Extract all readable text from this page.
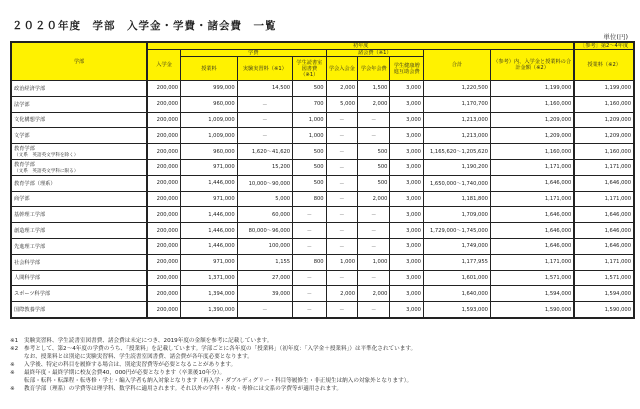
２０２０年度　学部　入学金・学費・諸会費　一覧
単位(円)
学部	初年度									［参考］第2～4年度
	入学金	学費			諸会費（※1）			合計	（参考）内、入学金と授業料の合計金額（※2）	授業料（※2）
		授業料	実験実習料（※1）	学生読書室図書費（※1）	学会入会金	学会年会費	学生健康増進互助会費			
政治経済学部	200,000	999,000	14,500	500	2,000	1,500	3,000	1,220,500	1,199,000	1,199,000
法学部	200,000	960,000	－	700	5,000	2,000	3,000	1,170,700	1,160,000	1,160,000
文化構想学部	200,000	1,009,000	－	1,000	－	－	3,000	1,213,000	1,209,000	1,209,000
文学部	200,000	1,009,000	－	1,000	－	－	3,000	1,213,000	1,209,000	1,209,000
教育学部
（文系　英語英文学科を除く）	200,000	960,000	1,620～41,620	500	－	500	3,000	1,165,620～1,205,620	1,160,000	1,160,000
教育学部
（文系　英語英文学科に限る）	200,000	971,000	15,200	500	－	500	3,000	1,190,200	1,171,000	1,171,000
教育学部（理系）	200,000	1,446,000	10,000～90,000	500	－	500	3,000	1,650,000～1,740,000	1,646,000	1,646,000
商学部	200,000	971,000	5,000	800	－	2,000	3,000	1,181,800	1,171,000	1,171,000
基幹理工学部	200,000	1,446,000	60,000	－	－	－	3,000	1,709,000	1,646,000	1,646,000
創造理工学部	200,000	1,446,000	80,000～96,000	－	－	－	3,000	1,729,000～1,745,000	1,646,000	1,646,000
先進理工学部	200,000	1,446,000	100,000	－	－	－	3,000	1,749,000	1,646,000	1,646,000
社会科学部	200,000	971,000	1,155	800	1,000	1,000	3,000	1,177,955	1,171,000	1,171,000
人間科学部	200,000	1,371,000	27,000	－	－	－	3,000	1,601,000	1,571,000	1,571,000
スポーツ科学部	200,000	1,394,000	39,000	－	2,000	2,000	3,000	1,640,000	1,594,000	1,594,000
国際教養学部	200,000	1,390,000	－	－	－	－	3,000	1,593,000	1,590,000	1,590,000
※1 実験実習料、学生読書室図書費、諸会費は未定につき、2019年度の金額を参考に記載しています。
※2 参考として、第2～4年度の学費のうち、「授業料」を記載しています。学部ごとに各年度の「授業料」（初年度：「入学金＋授業料」）は平準化されています。
なお、授業料とは別途に実験実習料、学生読書室図書費、諸会費が各年度必要となります。
※ 入学後、特定の科目を履修する場合は、別途実習費等が必要となることがあります。
※ 最終年度・最終学期に校友会費40，000円が必要となります（卒業後10年分）。
転部・転科・転課程・転専修・学士・編入学者も納入対象となります（再入学・ダブルディグリー・科目等履修生・非正規生は納入の対象外となります）。
※ 教育学部（理系）の学費等は理学科、数学科に適用されます。それ以外の学科・専攻・専修には文系の学費等が適用されます。
